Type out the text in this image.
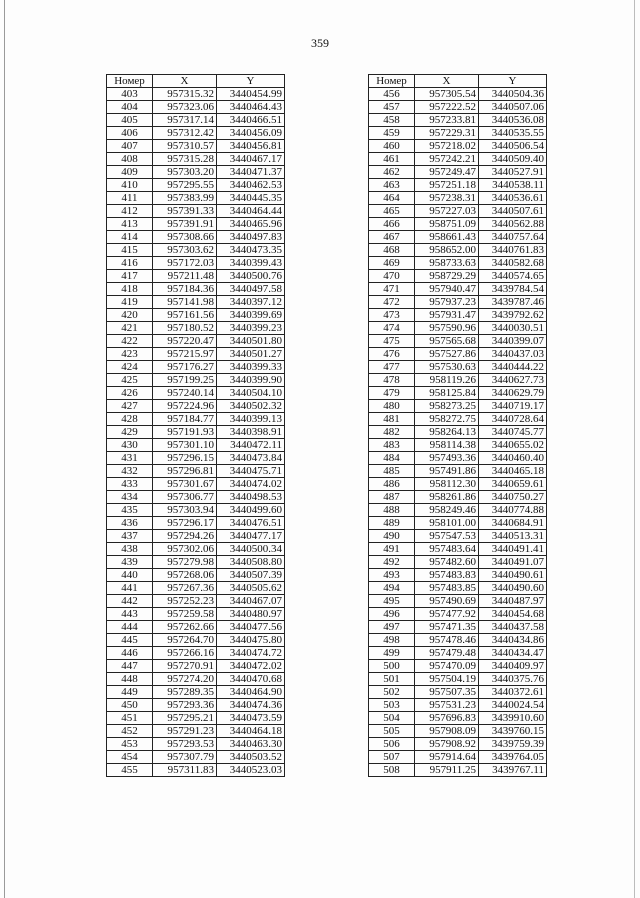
359
Номер	X	Y
403	957315.32	3440454.99
404	957323.06	3440464.43
405	957317.14	3440466.51
406	957312.42	3440456.09
407	957310.57	3440456.81
408	957315.28	3440467.17
409	957303.20	3440471.37
410	957295.55	3440462.53
411	957383.99	3440445.35
412	957391.33	3440464.44
413	957391.91	3440465.96
414	957308.66	3440497.83
415	957303.62	3440473.35
416	957172.03	3440399.43
417	957211.48	3440500.76
418	957184.36	3440497.58
419	957141.98	3440397.12
420	957161.56	3440399.69
421	957180.52	3440399.23
422	957220.47	3440501.80
423	957215.97	3440501.27
424	957176.27	3440399.33
425	957199.25	3440399.90
426	957240.14	3440504.10
427	957224.96	3440502.32
428	957184.77	3440399.13
429	957191.93	3440398.91
430	957301.10	3440472.11
431	957296.15	3440473.84
432	957296.81	3440475.71
433	957301.67	3440474.02
434	957306.77	3440498.53
435	957303.94	3440499.60
436	957296.17	3440476.51
437	957294.26	3440477.17
438	957302.06	3440500.34
439	957279.98	3440508.80
440	957268.06	3440507.39
441	957267.36	3440505.62
442	957252.23	3440467.07
443	957259.58	3440480.97
444	957262.66	3440477.56
445	957264.70	3440475.80
446	957266.16	3440474.72
447	957270.91	3440472.02
448	957274.20	3440470.68
449	957289.35	3440464.90
450	957293.36	3440474.36
451	957295.21	3440473.59
452	957291.23	3440464.18
453	957293.53	3440463.30
454	957307.79	3440503.52
455	957311.83	3440523.03
Номер	X	Y
456	957305.54	3440504.36
457	957222.52	3440507.06
458	957233.81	3440536.08
459	957229.31	3440535.55
460	957218.02	3440506.54
461	957242.21	3440509.40
462	957249.47	3440527.91
463	957251.18	3440538.11
464	957238.31	3440536.61
465	957227.03	3440507.61
466	958751.09	3440562.88
467	958661.43	3440757.64
468	958652.00	3440761.83
469	958733.63	3440582.68
470	958729.29	3440574.65
471	957940.47	3439784.54
472	957937.23	3439787.46
473	957931.47	3439792.62
474	957590.96	3440030.51
475	957565.68	3440399.07
476	957527.86	3440437.03
477	957530.63	3440444.22
478	958119.26	3440627.73
479	958125.84	3440629.79
480	958273.25	3440719.17
481	958272.75	3440728.64
482	958264.13	3440745.77
483	958114.38	3440655.02
484	957493.36	3440460.40
485	957491.86	3440465.18
486	958112.30	3440659.61
487	958261.86	3440750.27
488	958249.46	3440774.88
489	958101.00	3440684.91
490	957547.53	3440513.31
491	957483.64	3440491.41
492	957482.60	3440491.07
493	957483.83	3440490.61
494	957483.85	3440490.60
495	957490.69	3440487.97
496	957477.92	3440454.68
497	957471.35	3440437.58
498	957478.46	3440434.86
499	957479.48	3440434.47
500	957470.09	3440409.97
501	957504.19	3440375.76
502	957507.35	3440372.61
503	957531.23	3440024.54
504	957696.83	3439910.60
505	957908.09	3439760.15
506	957908.92	3439759.39
507	957914.64	3439764.05
508	957911.25	3439767.11
